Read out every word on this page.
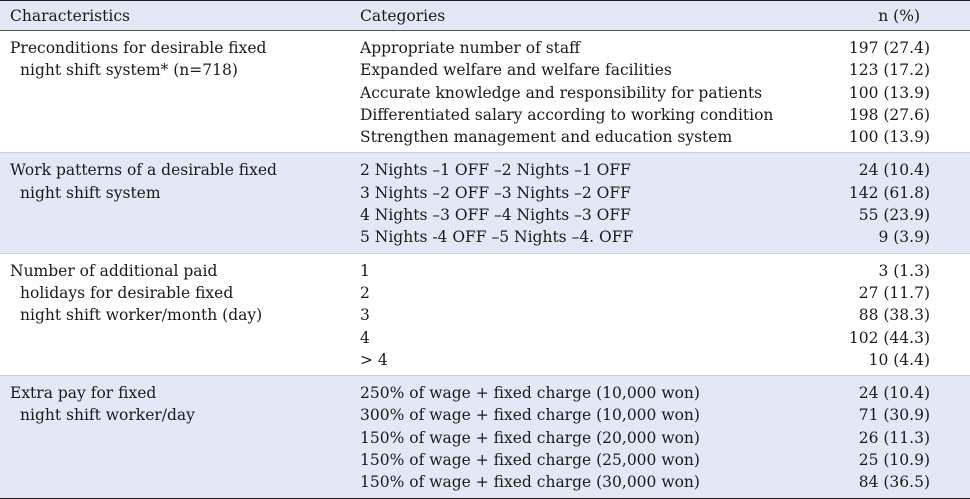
Characteristics	Categories	n (%)
Preconditions for desirable fixed
night shift system* (n=718)
Appropriate number of staff	197 (27.4)
Expanded welfare and welfare facilities	123 (17.2)
Accurate knowledge and responsibility for patients	100 (13.9)
Differentiated salary according to working condition	198 (27.6)
Strengthen management and education system	100 (13.9)
Work patterns of a desirable fixed
night shift system
2 Nights –1 OFF –2 Nights –1 OFF	24 (10.4)
3 Nights –2 OFF –3 Nights –2 OFF	142 (61.8)
4 Nights –3 OFF –4 Nights –3 OFF	55 (23.9)
5 Nights -4 OFF –5 Nights –4. OFF	9 (3.9)
Number of additional paid
holidays for desirable fixed
night shift worker/month (day)
1	3 (1.3)
2	27 (11.7)
3	88 (38.3)
4	102 (44.3)
> 4	10 (4.4)
Extra pay for fixed
night shift worker/day
250% of wage + fixed charge (10,000 won)	24 (10.4)
300% of wage + fixed charge (10,000 won)	71 (30.9)
150% of wage + fixed charge (20,000 won)	26 (11.3)
150% of wage + fixed charge (25,000 won)	25 (10.9)
150% of wage + fixed charge (30,000 won)	84 (36.5)
